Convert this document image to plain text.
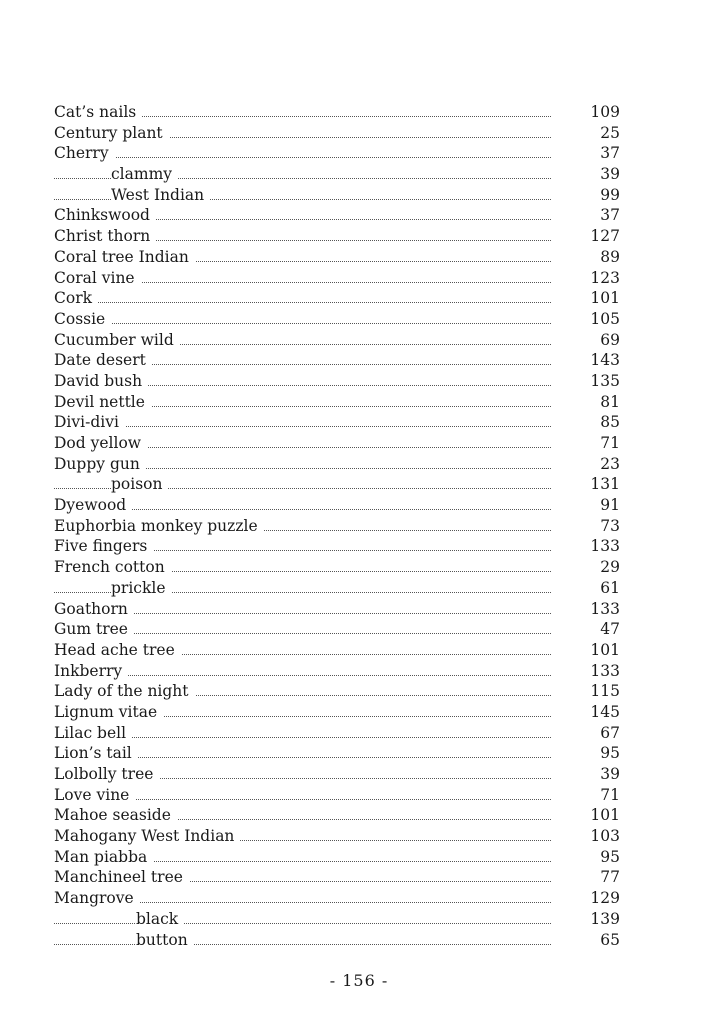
Cat’s nails	109
Century plant	25
Cherry	37
clammy	39
West Indian	99
Chinkswood	37
Christ thorn	127
Coral tree Indian	89
Coral vine	123
Cork	101
Cossie	105
Cucumber wild	69
Date desert	143
David bush	135
Devil nettle	81
Divi-divi	85
Dod yellow	71
Duppy gun	23
poison	131
Dyewood	91
Euphorbia monkey puzzle	73
Five fingers	133
French cotton	29
prickle	61
Goathorn	133
Gum tree	47
Head ache tree	101
Inkberry	133
Lady of the night	115
Lignum vitae	145
Lilac bell	67
Lion’s tail	95
Lolbolly tree	39
Love vine	71
Mahoe seaside	101
Mahogany West Indian	103
Man piabba	95
Manchineel tree	77
Mangrove	129
black	139
button	65
- 156 -
